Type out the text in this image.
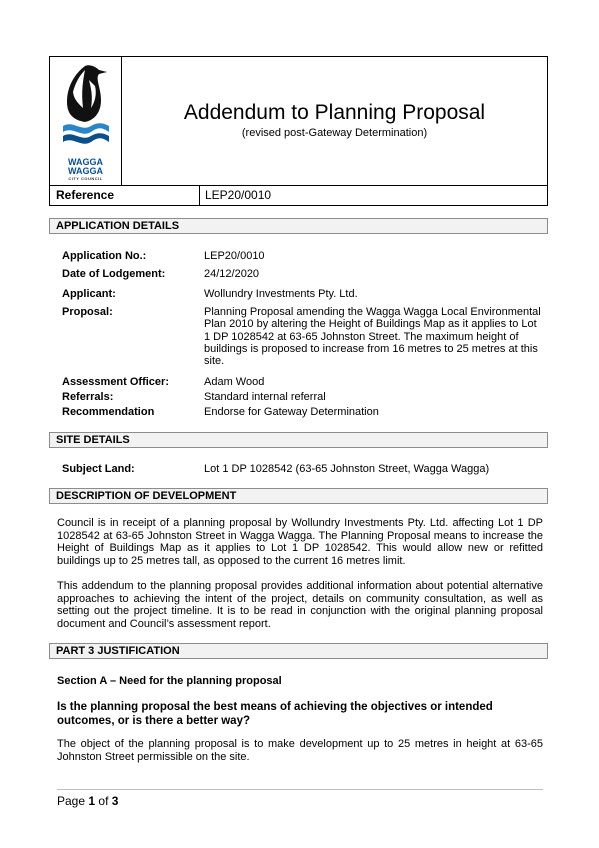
WAGGA
WAGGA
CITY COUNCIL
Addendum to Planning Proposal
(revised post-Gateway Determination)
Reference	LEP20/0010
APPLICATION DETAILS
Application No.:	LEP20/0010
Date of Lodgement:	24/12/2020
Applicant:	Wollundry Investments Pty. Ltd.
Proposal:	Planning Proposal amending the Wagga Wagga Local Environmental Plan 2010 by altering the Height of Buildings Map as it applies to Lot 1 DP 1028542 at 63-65 Johnston Street. The maximum height of buildings is proposed to increase from 16 metres to 25 metres at this site.
Assessment Officer:	Adam Wood
Referrals:	Standard internal referral
Recommendation	Endorse for Gateway Determination
SITE DETAILS
Subject Land:	Lot 1 DP 1028542 (63-65 Johnston Street, Wagga Wagga)
DESCRIPTION OF DEVELOPMENT
Council is in receipt of a planning proposal by Wollundry Investments Pty. Ltd. affecting Lot 1 DP 1028542 at 63-65 Johnston Street in Wagga Wagga. The Planning Proposal means to increase the Height of Buildings Map as it applies to Lot 1 DP 1028542. This would allow new or refitted buildings up to 25 metres tall, as opposed to the current 16 metres limit.
This addendum to the planning proposal provides additional information about potential alternative approaches to achieving the intent of the project, details on community consultation, as well as setting out the project timeline. It is to be read in conjunction with the original planning proposal document and Council’s assessment report.
PART 3 JUSTIFICATION
Section A – Need for the planning proposal
Is the planning proposal the best means of achieving the objectives or intended outcomes, or is there a better way?
The object of the planning proposal is to make development up to 25 metres in height at 63-65 Johnston Street permissible on the site.
Page 1 of 3
